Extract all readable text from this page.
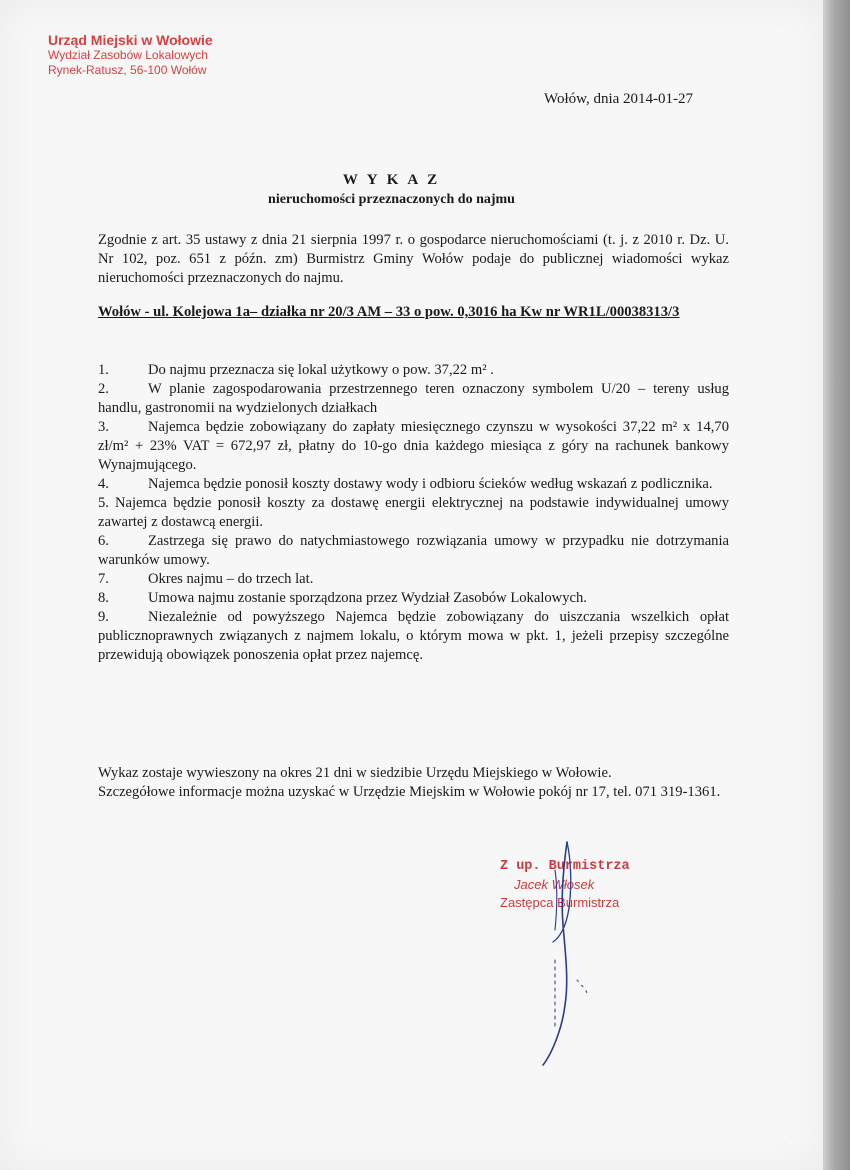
Urząd Miejski w Wołowie
Wydział Zasobów Lokalowych
Rynek-Ratusz, 56-100 Wołów
Wołów, dnia 2014-01-27
W Y K A Z
nieruchomości przeznaczonych do najmu

Zgodnie z art. 35 ustawy z dnia 21 sierpnia 1997 r. o gospodarce nieruchomościami (t. j. z 2010 r. Dz. U. Nr 102, poz. 651 z późn. zm) Burmistrz Gminy Wołów podaje do publicznej wiadomości wykaz nieruchomości przeznaczonych do najmu.

Wołów - ul. Kolejowa 1a– działka nr 20/3 AM – 33 o pow. 0,3016 ha Kw nr WR1L/00038313/3

1.	Do najmu przeznacza się lokal użytkowy o pow. 37,22 m² .

2.	W planie zagospodarowania przestrzennego teren oznaczony symbolem U/20 – tereny usług handlu, gastronomii na wydzielonych działkach

3.	Najemca będzie zobowiązany do zapłaty miesięcznego czynszu w wysokości 37,22 m² x 14,70 zł/m² + 23% VAT = 672,97 zł, płatny do 10-go dnia każdego miesiąca z góry na rachunek bankowy Wynajmującego.

4.	Najemca będzie ponosił koszty dostawy wody i odbioru ścieków według wskazań z podlicznika.

5. Najemca będzie ponosił koszty za dostawę energii elektrycznej na podstawie indywidualnej umowy zawartej z dostawcą energii.

6.	Zastrzega się prawo do natychmiastowego rozwiązania umowy w przypadku nie dotrzymania warunków umowy.

7.	Okres najmu – do trzech lat.

8.	Umowa najmu zostanie sporządzona przez Wydział Zasobów Lokalowych.

9.	Niezależnie od powyższego Najemca będzie zobowiązany do uiszczania wszelkich opłat publicznoprawnych związanych z najmem lokalu, o którym mowa w pkt. 1, jeżeli przepisy szczególne przewidują obowiązek ponoszenia opłat przez najemcę.

Wykaz zostaje wywieszony na okres 21 dni w siedzibie Urzędu Miejskiego w Wołowie.

Szczegółowe informacje można uzyskać w Urzędzie Miejskim w Wołowie pokój nr 17, tel. 071 319-1361.

Z up. Burmistrza
Jacek Włosek
Zastępca Burmistrza
